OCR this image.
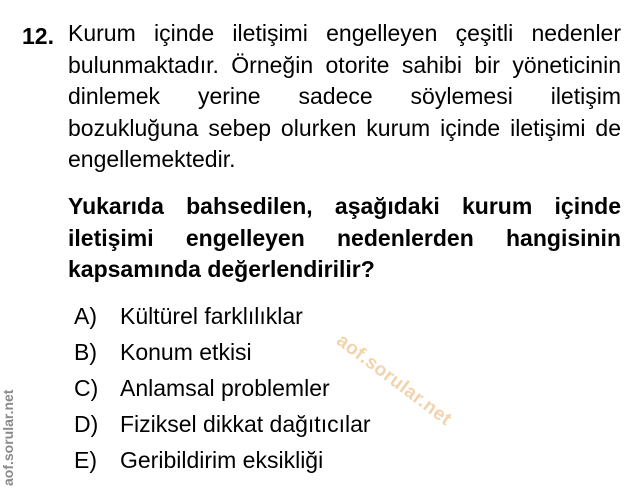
12. Kurum içinde iletişimi engelleyen çeşitli nedenler bulunmaktadır. Örneğin otorite sahibi bir yöneticinin dinlemek yerine sadece söylemesi iletişim bozukluğuna sebep olurken kurum içinde iletişimi de engellemektedir.
Yukarıda bahsedilen, aşağıdaki kurum içinde iletişimi engelleyen nedenlerden hangisinin kapsamında değerlendirilir?
A)	Kültürel farklılıklar
B)	Konum etkisi
C) Anlamsal problemler
D) Fiziksel dikkat dağıtıcılar
E)	Geribildirim eksikliği
aof.sorular.net
aof.sorular.net
